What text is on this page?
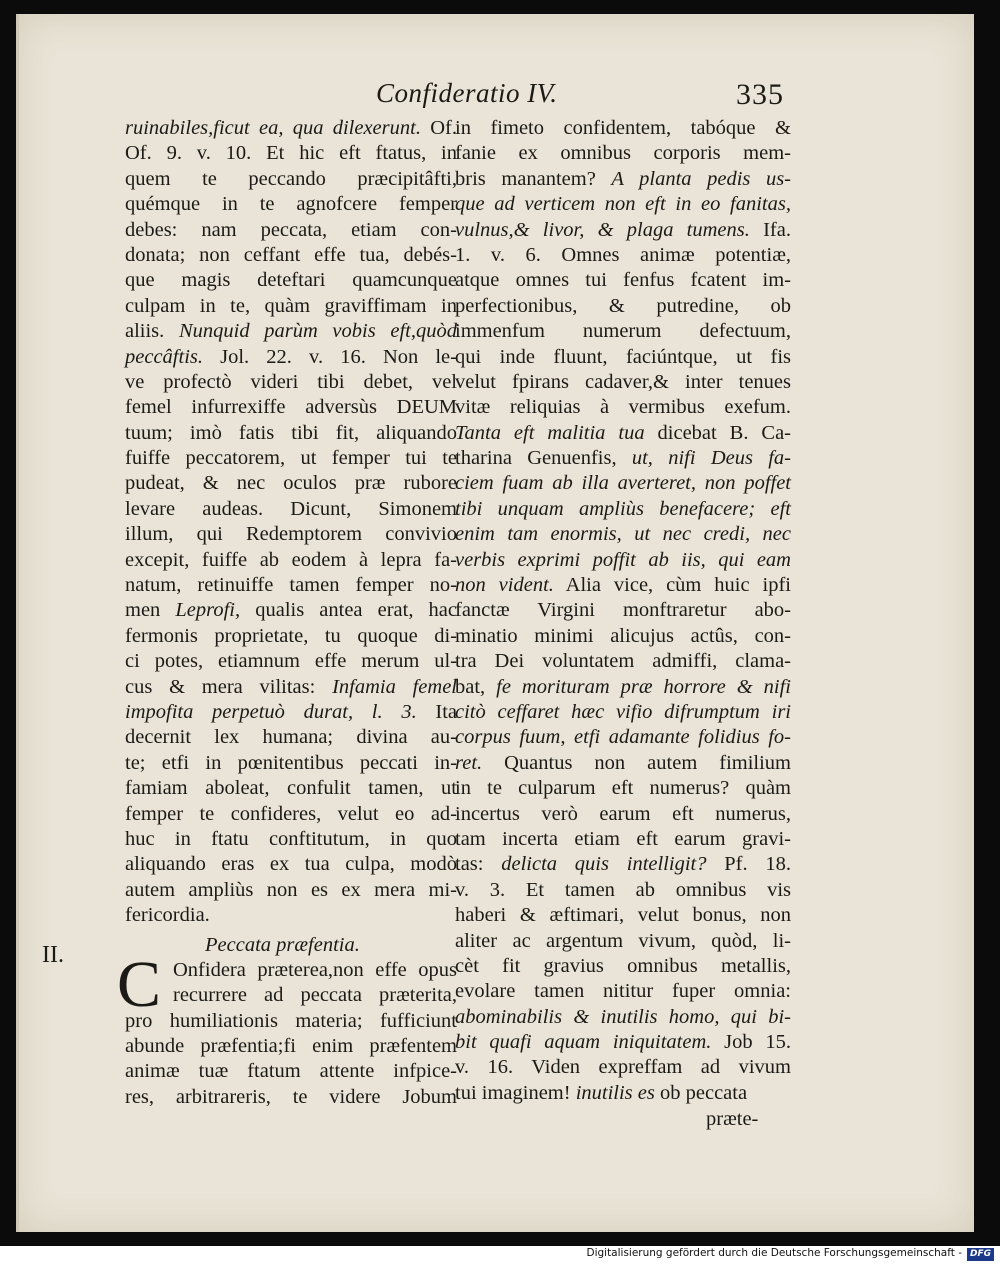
Confideratio IV.	335
ruinabiles,ficut ea, qua dilexerunt. Of.
Of. 9. v. 10. Et hic eft ftatus, in
quem te peccando præcipitâfti,
quémque in te agnofcere femper
debes: nam peccata, etiam con-
donata; non ceffant effe tua, debés-
que magis deteftari quamcunque
culpam in te, quàm graviffimam in
aliis. Nunquid parùm vobis eft,quòd
peccâftis. Jol. 22. v. 16. Non le-
ve profectò videri tibi debet, vel
femel infurrexiffe adversùs DEUM
tuum; imò fatis tibi fit, aliquando
fuiffe peccatorem, ut femper tui te
pudeat, & nec oculos præ rubore
levare audeas. Dicunt, Simonem
illum, qui Redemptorem convivio
excepit, fuiffe ab eodem à lepra fa-
natum, retinuiffe tamen femper no-
men Leprofi, qualis antea erat, hac
fermonis proprietate, tu quoque di-
ci potes, etiamnum effe merum ul-
cus & mera vilitas: Infamia femel
impofita perpetuò durat, l. 3. Ita
decernit lex humana; divina au-
te; etfi in pœnitentibus peccati in-
famiam aboleat, confulit tamen, ut
femper te confideres, velut eo ad-
huc in ftatu conftitutum, in quo
aliquando eras ex tua culpa, modò
autem ampliùs non es ex mera mi-
fericordia.
Peccata præfentia.
C Onfidera præterea,non effe opus
recurrere ad peccata præterita,
pro humiliationis materia; fufficiunt
abunde præfentia;fi enim præfentem
animæ tuæ ftatum attente infpice-
res, arbitrareris, te videre Jobum
in fimeto confidentem, tabóque &
fanie ex omnibus corporis mem-
bris manantem? A planta pedis us-
que ad verticem non eft in eo fanitas,
vulnus,& livor, & plaga tumens. Ifa.
1. v. 6. Omnes animæ potentiæ,
atque omnes tui fenfus fcatent im-
perfectionibus, & putredine, ob
immenfum numerum defectuum,
qui inde fluunt, faciúntque, ut fis
velut fpirans cadaver,& inter tenues
vitæ reliquias à vermibus exefum.
Tanta eft malitia tua dicebat B. Ca-
tharina Genuenfis, ut, nifi Deus fa-
ciem fuam ab illa averteret, non poffet
tibi unquam ampliùs benefacere; eft
enim tam enormis, ut nec credi, nec
verbis exprimi poffit ab iis, qui eam
non vident. Alia vice, cùm huic ipfi
fanctæ Virgini monftraretur abo-
minatio minimi alicujus actûs, con-
tra Dei voluntatem admiffi, clama-
bat, fe morituram præ horrore & nifi
citò ceffaret hæc vifio difrumptum iri
corpus fuum, etfi adamante folidius fo-
ret. Quantus non autem fimilium
in te culparum eft numerus? quàm
incertus verò earum eft numerus,
tam incerta etiam eft earum gravi-
tas: delicta quis intelligit? Pf. 18.
v. 3. Et tamen ab omnibus vis
haberi & æftimari, velut bonus, non
aliter ac argentum vivum, quòd, li-
cèt fit gravius omnibus metallis,
evolare tamen nititur fuper omnia:
abominabilis & inutilis homo, qui bi-
bit quafi aquam iniquitatem. Job 15.
v. 16. Viden expreffam ad vivum
tui imaginem! inutilis es ob peccata
II.
præte-
Digitalisierung gefördert durch die Deutsche Forschungsgemeinschaft - DFG
